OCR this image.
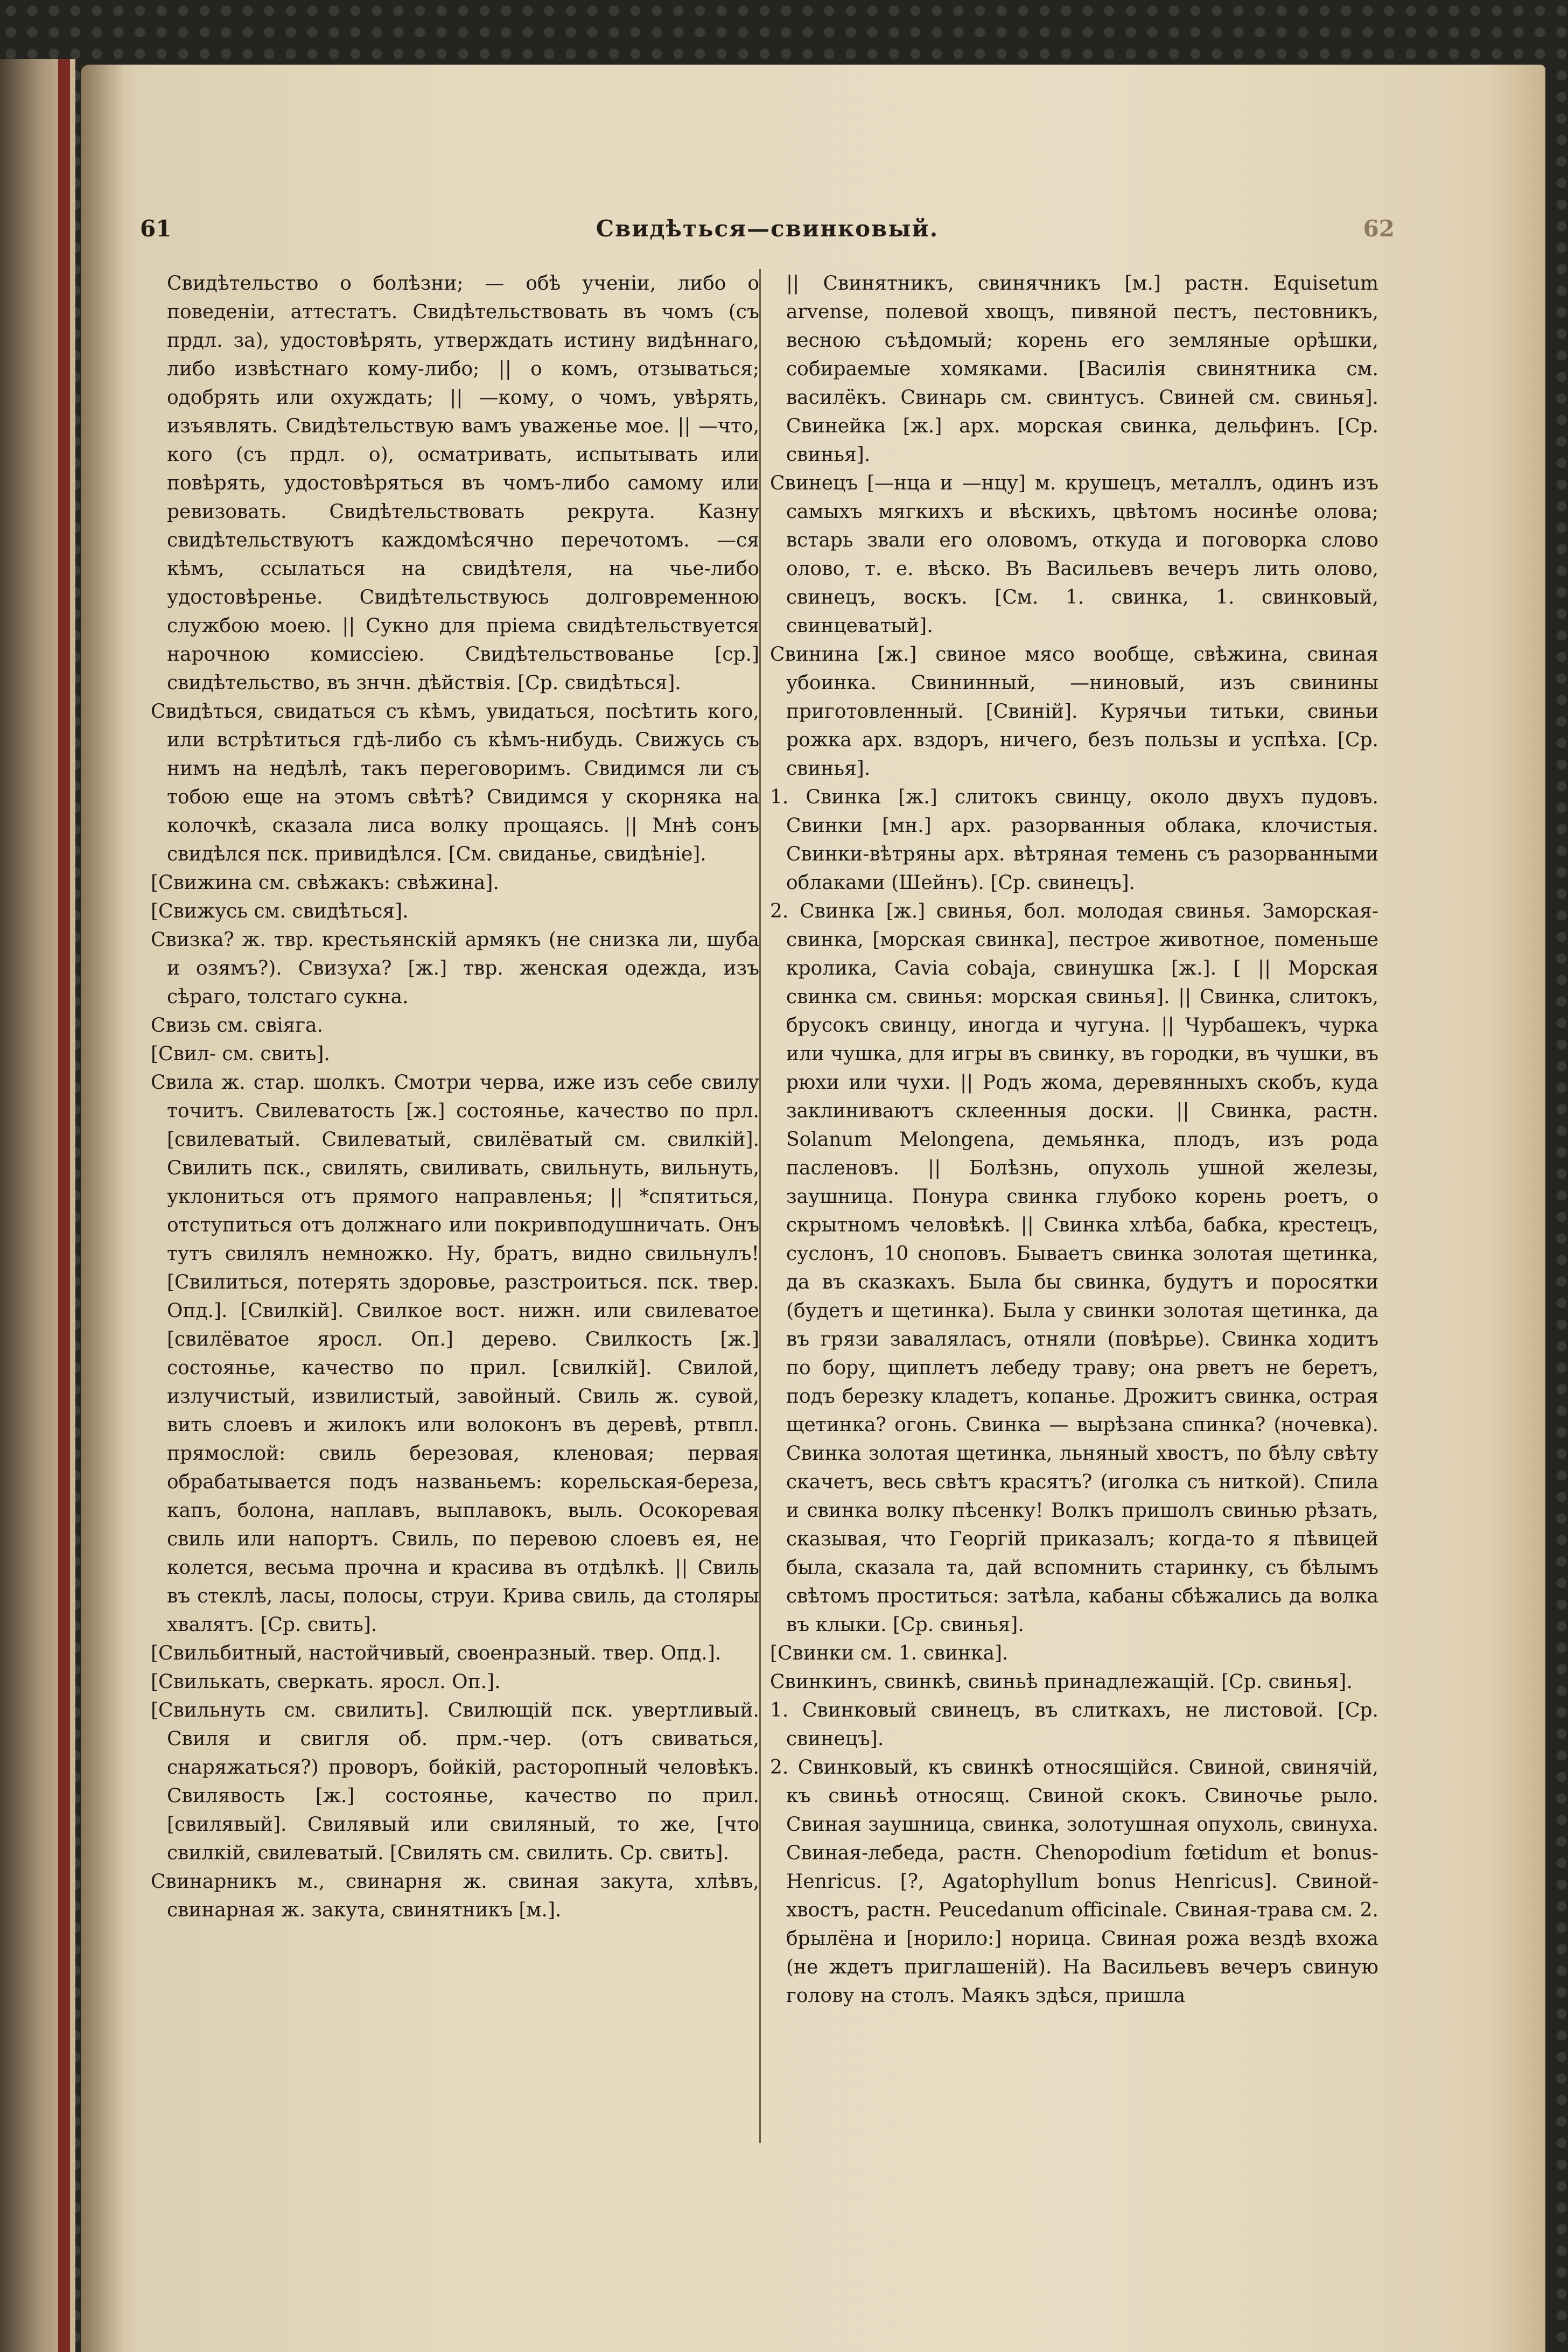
61	Свидѣться—свинковый.	62

Свидѣтельство о болѣзни; — обѣ ученiи, либо о поведенiи, аттестатъ. Свидѣтельствовать въ чомъ (съ прдл. за), удостовѣрять, утверждать истину видѣннаго, либо извѣстнаго кому-либо; || о комъ, отзываться; одобрять или охуждать; || —кому, о чомъ, увѣрять, изъявлять. Свидѣтельствую вамъ уваженье мое. || —что, кого (съ прдл. о), осматривать, испытывать или повѣрять, удостовѣряться въ чомъ-либо самому или ревизовать. Свидѣтельствовать рекрута. Казну свидѣтельствуютъ каждомѣсячно перечотомъ. —ся кѣмъ, ссылаться на свидѣтеля, на чье-либо удостовѣренье. Свидѣтельствуюсь долговременною службою моею. || Сукно для прiема свидѣтельствуется нарочною комиссiею. Свидѣтельствованье [ср.] свидѣтельство, въ знчн. дѣйствiя. [Ср. свидѣться].

Свидѣться, свидаться съ кѣмъ, увидаться, посѣтить кого, или встрѣтиться гдѣ-либо съ кѣмъ-нибудь. Свижусь съ нимъ на недѣлѣ, такъ переговоримъ. Свидимся ли съ тобою еще на этомъ свѣтѣ? Свидимся у скорняка на колочкѣ, сказала лиса волку прощаясь. || Мнѣ сонъ свидѣлся пск. привидѣлся. [См. свиданье, свидѣнiе].

[Свижина см. свѣжакъ: свѣжина].

[Свижусь см. свидѣться].

Свизка? ж. твр. крестьянскiй армякъ (не снизка ли, шуба и озямъ?). Свизуха? [ж.] твр. женская одежда, изъ сѣраго, толстаго сукна.

Свизь см. свiяга.

[Свил- см. свить].

Свила ж. стар. шолкъ. Смотри черва, иже изъ себе свилу точитъ. Свилеватость [ж.] состоянье, качество по прл. [свилеватый. Свилеватый, свилёватый см. свилкiй]. Свилить пск., свилять, свиливать, свильнуть, вильнуть, уклониться отъ прямого направленья; || *спятиться, отступиться отъ должнаго или покривподушничать. Онъ тутъ свилялъ немножко. Ну, братъ, видно свильнулъ! [Свилиться, потерять здоровье, разстроиться. пск. твер. Опд.]. [Свилкiй]. Свилкое вост. нижн. или свилеватое [свилёватое яросл. Оп.] дерево. Свилкость [ж.] состоянье, качество по прил. [свилкiй]. Свилой, излучистый, извилистый, завойный. Свиль ж. сувой, вить слоевъ и жилокъ или волоконъ въ деревѣ, ртвпл. прямослой: свиль березовая, кленовая; первая обрабатывается подъ названьемъ: корельская-береза, капъ, болона, наплавъ, выплавокъ, выль. Осокоревая свиль или напортъ. Свиль, по перевою слоевъ ея, не колется, весьма прочна и красива въ отдѣлкѣ. || Свиль въ стеклѣ, ласы, полосы, струи. Крива свиль, да столяры хвалятъ. [Ср. свить].

[Свильбитный, настойчивый, своенразный. твер. Опд.].

[Свилькать, сверкать. яросл. Оп.].

[Свильнуть см. свилить]. Свилющiй пск. увертливый. Свиля и свигля об. прм.-чер. (отъ свиваться, снаряжаться?) проворъ, бойкiй, расторопный человѣкъ. Свилявость [ж.] состоянье, качество по прил. [свилявый]. Свилявый или свиляный, то же, [что свилкiй, свилеватый. [Свилять см. свилить. Ср. свить].

Свинарникъ м., свинарня ж. свиная закута, хлѣвъ, свинарная ж. закута, свинятникъ [м.].

|| Свинятникъ, свинячникъ [м.] растн. Equisetum arvense, полевой хвощъ, пивяной пестъ, пестовникъ, весною съѣдомый; корень его земляные орѣшки, собираемые хомяками. [Василiя свинятника см. василёкъ. Свинарь см. свинтусъ. Свиней см. свинья]. Свинейка [ж.] арх. морская свинка, дельфинъ. [Ср. свинья].

Свинецъ [—нца и —нцу] м. крушецъ, металлъ, одинъ изъ самыхъ мягкихъ и вѣскихъ, цвѣтомъ носинѣе олова; встарь звали его оловомъ, откуда и поговорка слово олово, т. е. вѣско. Въ Васильевъ вечеръ лить олово, свинецъ, воскъ. [См. 1. свинка, 1. свинковый, свинцеватый].

Свинина [ж.] свиное мясо вообще, свѣжина, свиная убоинка. Свининный, —нинoвый, изъ свинины приготовленный. [Свинiй]. Курячьи титьки, свиньи рожка арх. вздоръ, ничего, безъ пользы и успѣха. [Ср. свинья].

1. Свинка [ж.] слитокъ свинцу, около двухъ пудовъ. Свинки [мн.] арх. разорванныя облака, клочистыя. Свинки-вѣтряны арх. вѣтряная темень съ разорванными облаками (Шейнъ). [Ср. свинецъ].

2. Свинка [ж.] свинья, бол. молодая свинья. Заморская-свинка, [морская свинка], пестрое животное, поменьше кролика, Cavia cobaja, свинушка [ж.]. [ || Морская свинка см. свинья: морская свинья]. || Свинка, слитокъ, брусокъ свинцу, иногда и чугуна. || Чурбашекъ, чурка или чушка, для игры въ свинку, въ городки, въ чушки, въ рюхи или чухи. || Родъ жома, деревянныхъ скобъ, куда заклиниваютъ склеенныя доски. || Свинка, растн. Solanum Melongena, демьянка, плодъ, изъ рода пасленовъ. || Болѣзнь, опухоль ушной железы, заушница. Понура свинка глубоко корень роетъ, о скрытномъ человѣкѣ. || Свинка хлѣба, бабка, крестецъ, суслонъ, 10 сноповъ. Бываетъ свинка золотая щетинка, да въ сказкахъ. Была бы свинка, будутъ и поросятки (будетъ и щетинка). Была у свинки золотая щетинка, да въ грязи заваляласъ, отняли (повѣрье). Свинка ходитъ по бору, щиплетъ лебеду траву; она рветъ не беретъ, подъ березку кладетъ, копанье. Дрожитъ свинка, острая щетинка? огонь. Свинка — вырѣзана спинка? (ночевка). Свинка золотая щетинка, льняный хвостъ, по бѣлу свѣту скачетъ, весь свѣтъ красятъ? (иголка съ ниткой). Спила и свинка волку пѣсенку! Волкъ пришолъ свинью рѣзать, сказывая, что Георгiй приказалъ; когда-то я пѣвицей была, сказала та, дай вспомнить старинку, съ бѣлымъ свѣтомъ проститься: затѣла, кабаны сбѣжались да волка въ клыки. [Ср. свинья].

[Свинки см. 1. свинка].

Свинкинъ, свинкѣ, свиньѣ принадлежащiй. [Ср. свинья].

1. Свинковый свинецъ, въ слиткахъ, не листовой. [Ср. свинецъ].

2. Свинковый, къ свинкѣ относящiйся. Свиной, свинячiй, къ свиньѣ относящ. Свиной скокъ. Свиночье рыло. Свиная заушница, свинка, золотушная опухоль, свинуха. Свиная-лебеда, растн. Chenopodium fœtidum et bonus-Henricus. [?, Agatophyllum bonus Henricus]. Свиной-хвостъ, растн. Peucedanum officinale. Свиная-трава см. 2. брылёна и [норило:] норица. Свиная рожа вездѣ вхожа (не ждетъ приглашенiй). На Васильевъ вечеръ свиную голову на столъ. Маякъ здѣся, пришла
